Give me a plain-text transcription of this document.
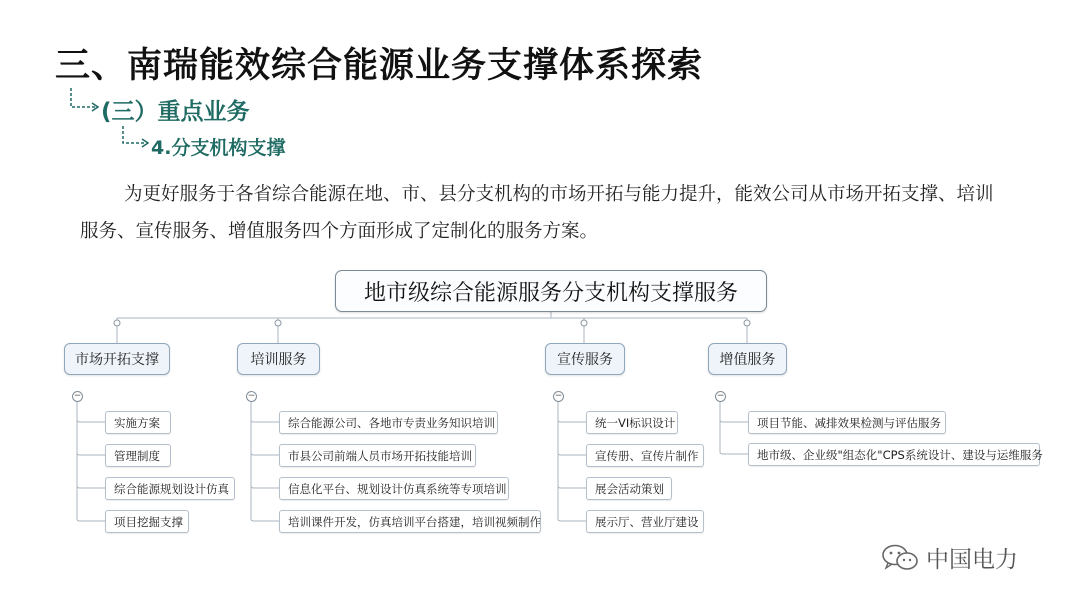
三、南瑞能效综合能源业务支撑体系探索
(三）重点业务
4.分支机构支撑
为更好服务于各省综合能源在地、市、县分支机构的市场开拓与能力提升，能效公司从市场开拓支撑、培训服务、宣传服务、增值服务四个方面形成了定制化的服务方案。
地市级综合能源服务分支机构支撑服务
市场开拓支撑	培训服务	宣传服务	增值服务
−	−	−	−
实施方案
管理制度
综合能源规划设计仿真
项目挖掘支撑
综合能源公司、各地市专责业务知识培训
市县公司前端人员市场开拓技能培训
信息化平台、规划设计仿真系统等专项培训
培训课件开发，仿真培训平台搭建，培训视频制作
统一VI标识设计
宣传册、宣传片制作
展会活动策划
展示厅、营业厅建设
项目节能、减排效果检测与评估服务
地市级、企业级"组态化"CPS系统设计、建设与运维服务
中国电力
